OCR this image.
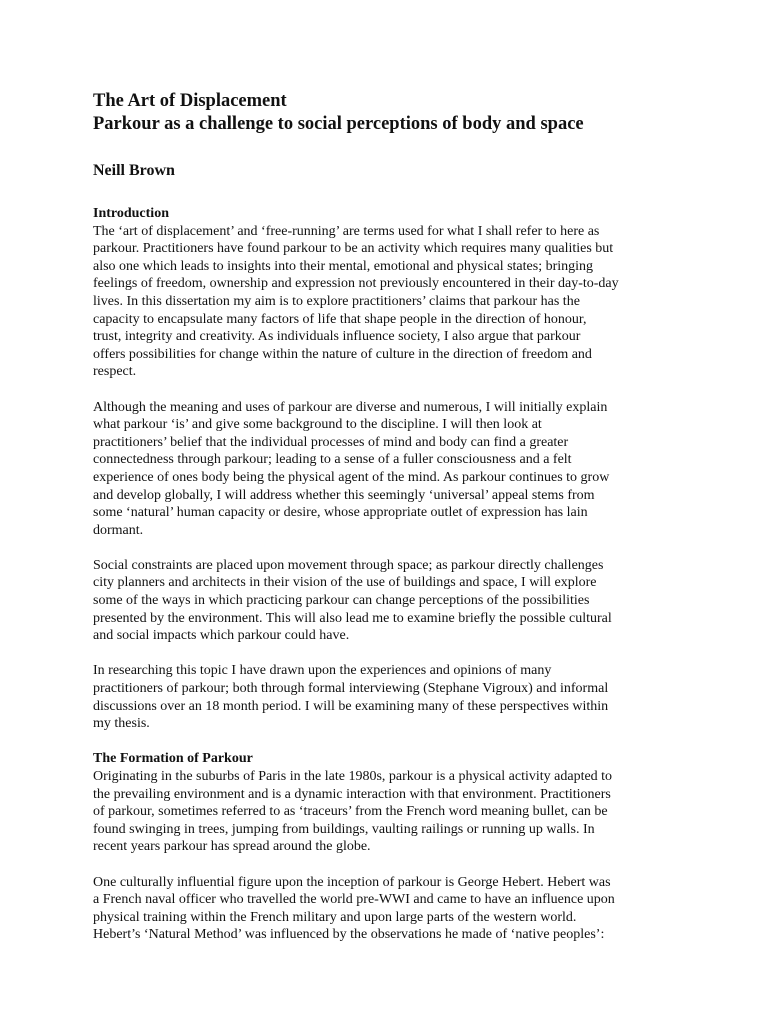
The Art of Displacement
Parkour as a challenge to social perceptions of body and space
Neill Brown
Introduction

The ‘art of displacement’ and ‘free-running’ are terms used for what I shall refer to here as
parkour. Practitioners have found parkour to be an activity which requires many qualities but
also one which leads to insights into their mental, emotional and physical states; bringing
feelings of freedom, ownership and expression not previously encountered in their day-to-day
lives. In this dissertation my aim is to explore practitioners’ claims that parkour has the
capacity to encapsulate many factors of life that shape people in the direction of honour,
trust, integrity and creativity. As individuals influence society, I also argue that parkour
offers possibilities for change within the nature of culture in the direction of freedom and
respect.

Although the meaning and uses of parkour are diverse and numerous, I will initially explain
what parkour ‘is’ and give some background to the discipline. I will then look at
practitioners’ belief that the individual processes of mind and body can find a greater
connectedness through parkour; leading to a sense of a fuller consciousness and a felt
experience of ones body being the physical agent of the mind. As parkour continues to grow
and develop globally, I will address whether this seemingly ‘universal’ appeal stems from
some ‘natural’ human capacity or desire, whose appropriate outlet of expression has lain
dormant.

Social constraints are placed upon movement through space; as parkour directly challenges
city planners and architects in their vision of the use of buildings and space, I will explore
some of the ways in which practicing parkour can change perceptions of the possibilities
presented by the environment. This will also lead me to examine briefly the possible cultural
and social impacts which parkour could have.

In researching this topic I have drawn upon the experiences and opinions of many
practitioners of parkour; both through formal interviewing (Stephane Vigroux) and informal
discussions over an 18 month period. I will be examining many of these perspectives within
my thesis.

The Formation of Parkour

Originating in the suburbs of Paris in the late 1980s, parkour is a physical activity adapted to
the prevailing environment and is a dynamic interaction with that environment. Practitioners
of parkour, sometimes referred to as ‘traceurs’ from the French word meaning bullet, can be
found swinging in trees, jumping from buildings, vaulting railings or running up walls. In
recent years parkour has spread around the globe.

One culturally influential figure upon the inception of parkour is George Hebert. Hebert was
a French naval officer who travelled the world pre-WWI and came to have an influence upon
physical training within the French military and upon large parts of the western world.
Hebert’s ‘Natural Method’ was influenced by the observations he made of ‘native peoples’:
